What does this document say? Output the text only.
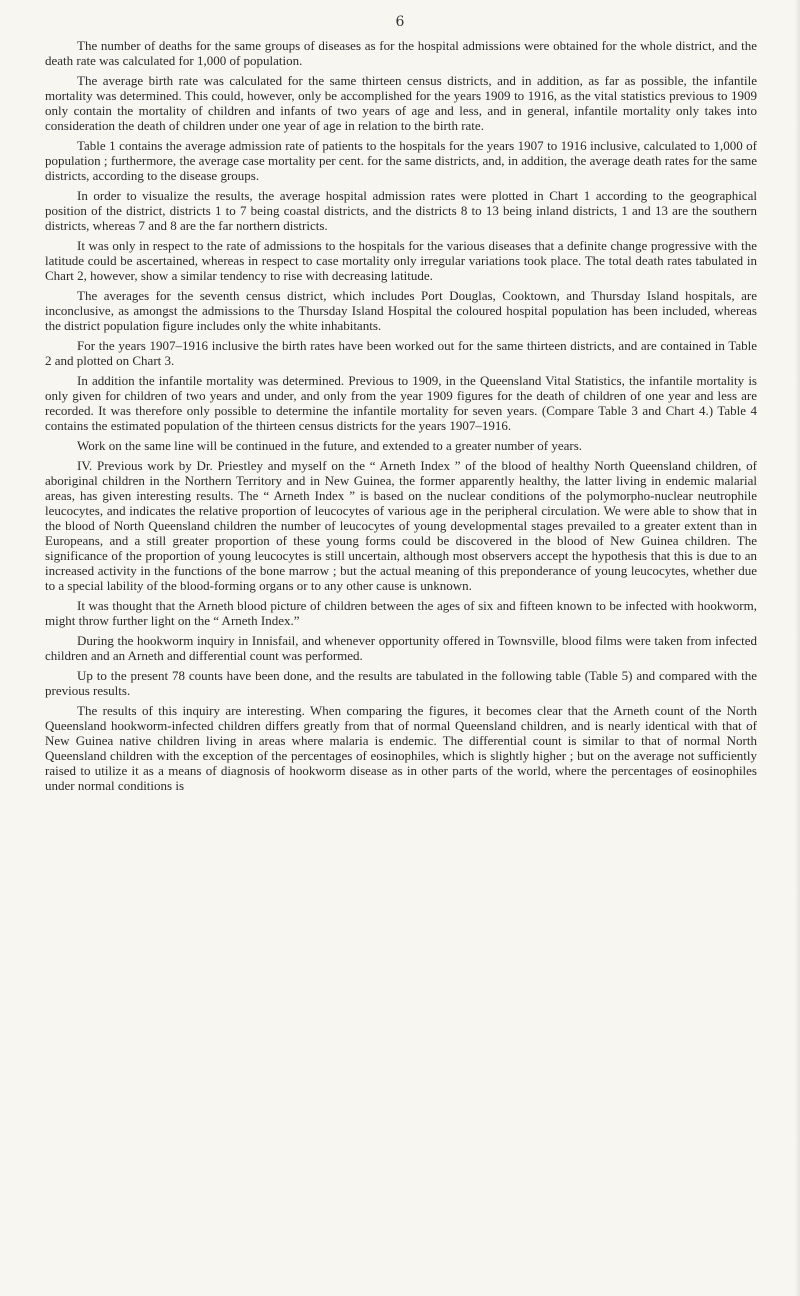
6

The number of deaths for the same groups of diseases as for the hospital admissions were obtained for the whole district, and the death rate was calculated for 1,000 of population.

The average birth rate was calculated for the same thirteen census districts, and in addition, as far as possible, the infantile mortality was determined. This could, however, only be accomplished for the years 1909 to 1916, as the vital statistics previous to 1909 only contain the mortality of children and infants of two years of age and less, and in general, infantile mortality only takes into consideration the death of children under one year of age in relation to the birth rate.

Table 1 contains the average admission rate of patients to the hospitals for the years 1907 to 1916 inclusive, calculated to 1,000 of population ; furthermore, the average case mortality per cent. for the same districts, and, in addition, the average death rates for the same districts, according to the disease groups.

In order to visualize the results, the average hospital admission rates were plotted in Chart 1 according to the geographical position of the district, districts 1 to 7 being coastal districts, and the districts 8 to 13 being inland districts, 1 and 13 are the southern districts, whereas 7 and 8 are the far northern districts.

It was only in respect to the rate of admissions to the hospitals for the various diseases that a definite change progressive with the latitude could be ascertained, whereas in respect to case mortality only irregular variations took place. The total death rates tabulated in Chart 2, however, show a similar tendency to rise with decreasing latitude.

The averages for the seventh census district, which includes Port Douglas, Cooktown, and Thursday Island hospitals, are inconclusive, as amongst the admissions to the Thursday Island Hospital the coloured hospital population has been included, whereas the district population figure includes only the white inhabitants.

For the years 1907–1916 inclusive the birth rates have been worked out for the same thirteen districts, and are contained in Table 2 and plotted on Chart 3.

In addition the infantile mortality was determined. Previous to 1909, in the Queensland Vital Statistics, the infantile mortality is only given for children of two years and under, and only from the year 1909 figures for the death of children of one year and less are recorded. It was therefore only possible to determine the infantile mortality for seven years. (Compare Table 3 and Chart 4.) Table 4 contains the estimated population of the thirteen census districts for the years 1907–1916.

Work on the same line will be continued in the future, and extended to a greater number of years.

IV. Previous work by Dr. Priestley and myself on the “ Arneth Index ” of the blood of healthy North Queensland children, of aboriginal children in the Northern Territory and in New Guinea, the former apparently healthy, the latter living in endemic malarial areas, has given interesting results. The “ Arneth Index ” is based on the nuclear conditions of the polymorpho-nuclear neutrophile leucocytes, and indicates the relative proportion of leucocytes of various age in the peripheral circulation. We were able to show that in the blood of North Queensland children the number of leucocytes of young developmental stages prevailed to a greater extent than in Europeans, and a still greater proportion of these young forms could be discovered in the blood of New Guinea children. The significance of the proportion of young leucocytes is still uncertain, although most observers accept the hypothesis that this is due to an increased activity in the functions of the bone marrow ; but the actual meaning of this preponderance of young leucocytes, whether due to a special lability of the blood-forming organs or to any other cause is unknown.

It was thought that the Arneth blood picture of children between the ages of six and fifteen known to be infected with hookworm, might throw further light on the “ Arneth Index.”

During the hookworm inquiry in Innisfail, and whenever opportunity offered in Townsville, blood films were taken from infected children and an Arneth and differential count was performed.

Up to the present 78 counts have been done, and the results are tabulated in the following table (Table 5) and compared with the previous results.

The results of this inquiry are interesting. When comparing the figures, it becomes clear that the Arneth count of the North Queensland hookworm-infected children differs greatly from that of normal Queensland children, and is nearly identical with that of New Guinea native children living in areas where malaria is endemic. The differential count is similar to that of normal North Queensland children with the exception of the percentages of eosinophiles, which is slightly higher ; but on the average not sufficiently raised to utilize it as a means of diagnosis of hookworm disease as in other parts of the world, where the percentages of eosinophiles under normal conditions is
